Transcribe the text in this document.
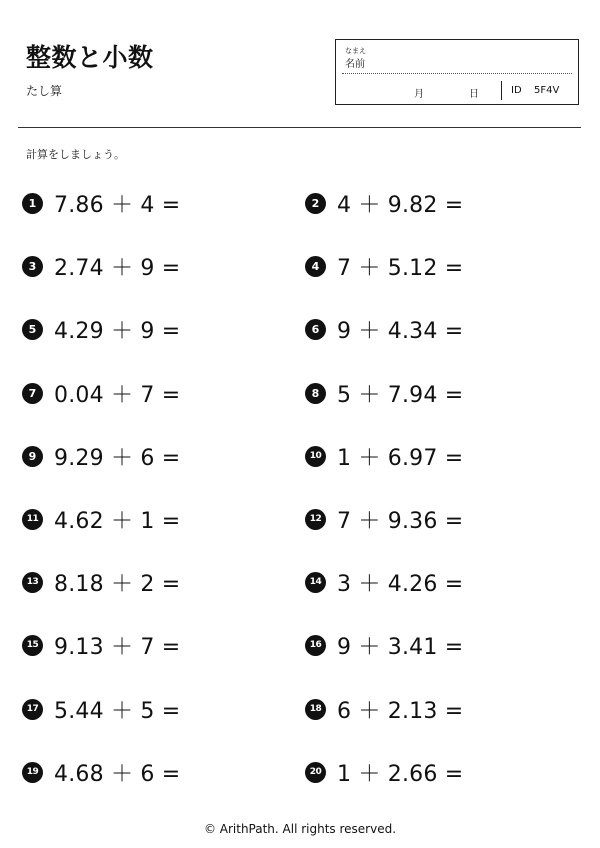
整数と小数
たし算
なまえ
名前
月	日	ID 5F4V
計算をしましょう。
1 7.86 ＋ 4 =	2 4 ＋ 9.82 =
3 2.74 ＋ 9 =	4 7 ＋ 5.12 =
5 4.29 ＋ 9 =	6 9 ＋ 4.34 =
7 0.04 ＋ 7 =	8 5 ＋ 7.94 =
9 9.29 ＋ 6 =	10 1 ＋ 6.97 =
11 4.62 ＋ 1 =	12 7 ＋ 9.36 =
13 8.18 ＋ 2 =	14 3 ＋ 4.26 =
15 9.13 ＋ 7 =	16 9 ＋ 3.41 =
17 5.44 ＋ 5 =	18 6 ＋ 2.13 =
19 4.68 ＋ 6 =	20 1 ＋ 2.66 =
© ArithPath. All rights reserved.
